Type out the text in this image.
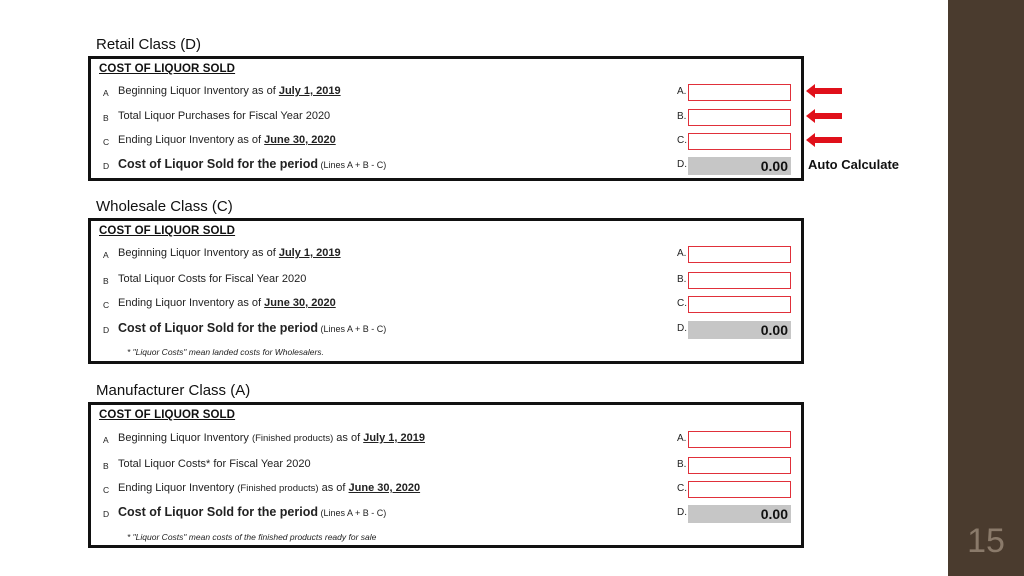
15
Retail Class (D)
COST OF LIQUOR SOLD
A Beginning Liquor Inventory as of July 1, 2019	A.
B Total Liquor Purchases for Fiscal Year 2020	B.
C Ending Liquor Inventory as of June 30, 2020	C.
D Cost of Liquor Sold for the period (Lines A + B - C)	D.	0.00 Auto Calculate
Wholesale Class (C)
COST OF LIQUOR SOLD
A Beginning Liquor Inventory as of July 1, 2019	A.
B Total Liquor Costs for Fiscal Year 2020	B.
C Ending Liquor Inventory as of June 30, 2020	C.
D Cost of Liquor Sold for the period (Lines A + B - C)	D.	0.00
* "Liquor Costs" mean landed costs for Wholesalers.
Manufacturer Class (A)
COST OF LIQUOR SOLD
A Beginning Liquor Inventory (Finished products) as of July 1, 2019	A.
B Total Liquor Costs* for Fiscal Year 2020	B.
C Ending Liquor Inventory (Finished products) as of June 30, 2020	C.
D Cost of Liquor Sold for the period (Lines A + B - C)	D.	0.00
* "Liquor Costs" mean costs of the finished products ready for sale
